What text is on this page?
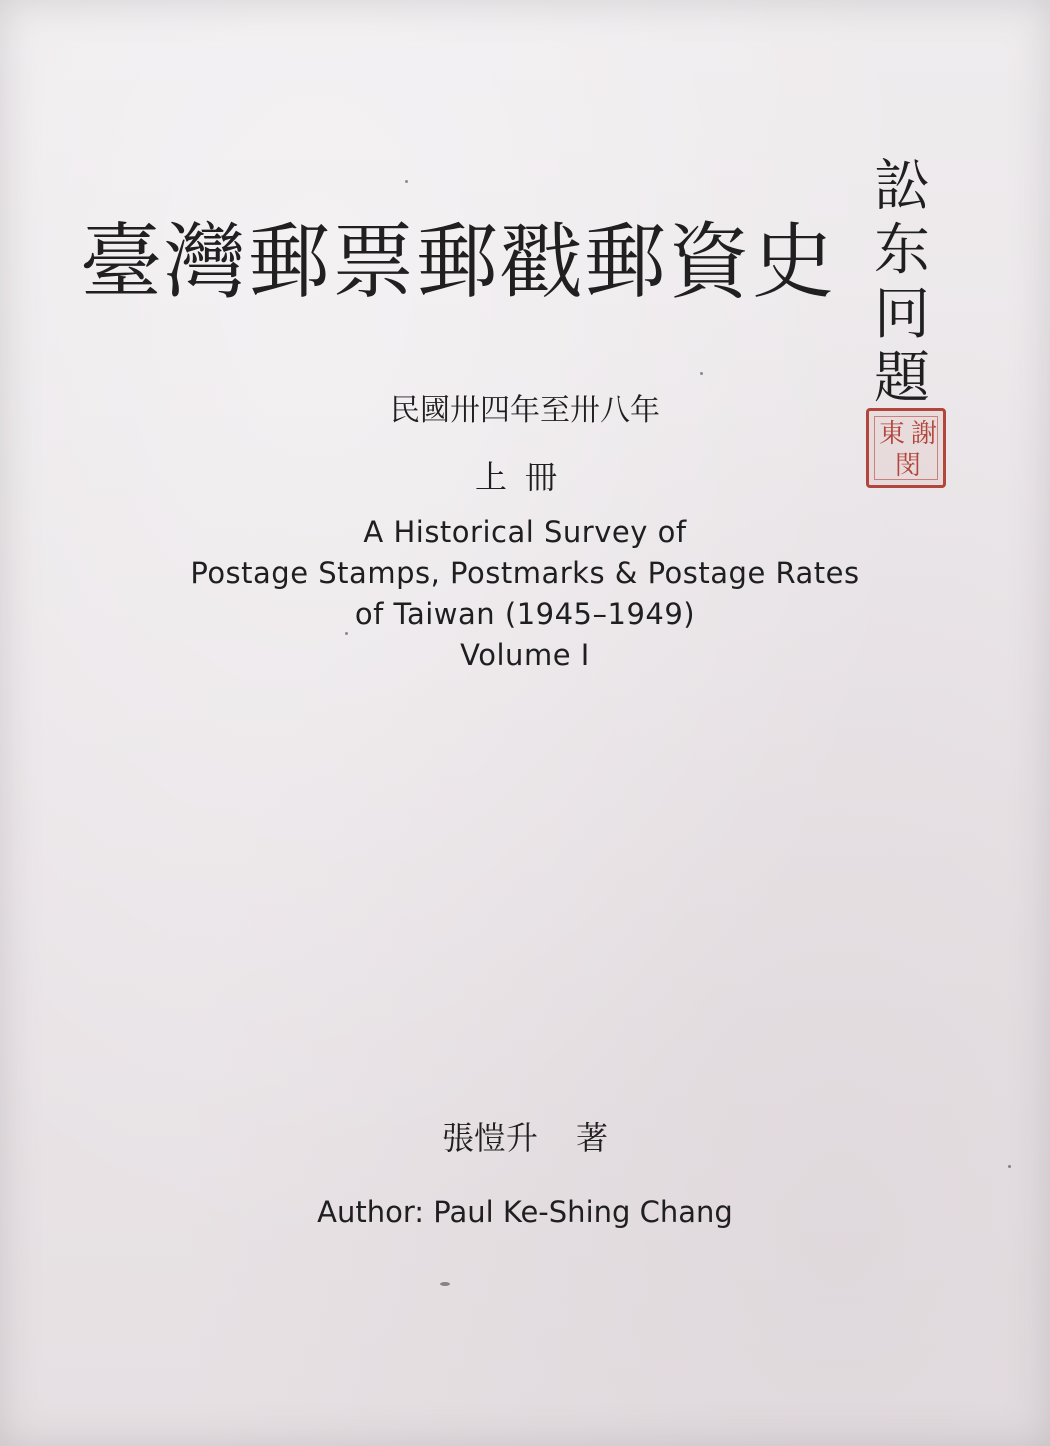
臺灣郵票郵戳郵資史
訟
东
冋
題
謝
東
閔
民國卅四年至卅八年
上冊
A Historical Survey of
Postage Stamps, Postmarks & Postage Rates
of Taiwan (1945–1949)
Volume I
張愷升 著
Author: Paul Ke-Shing Chang
